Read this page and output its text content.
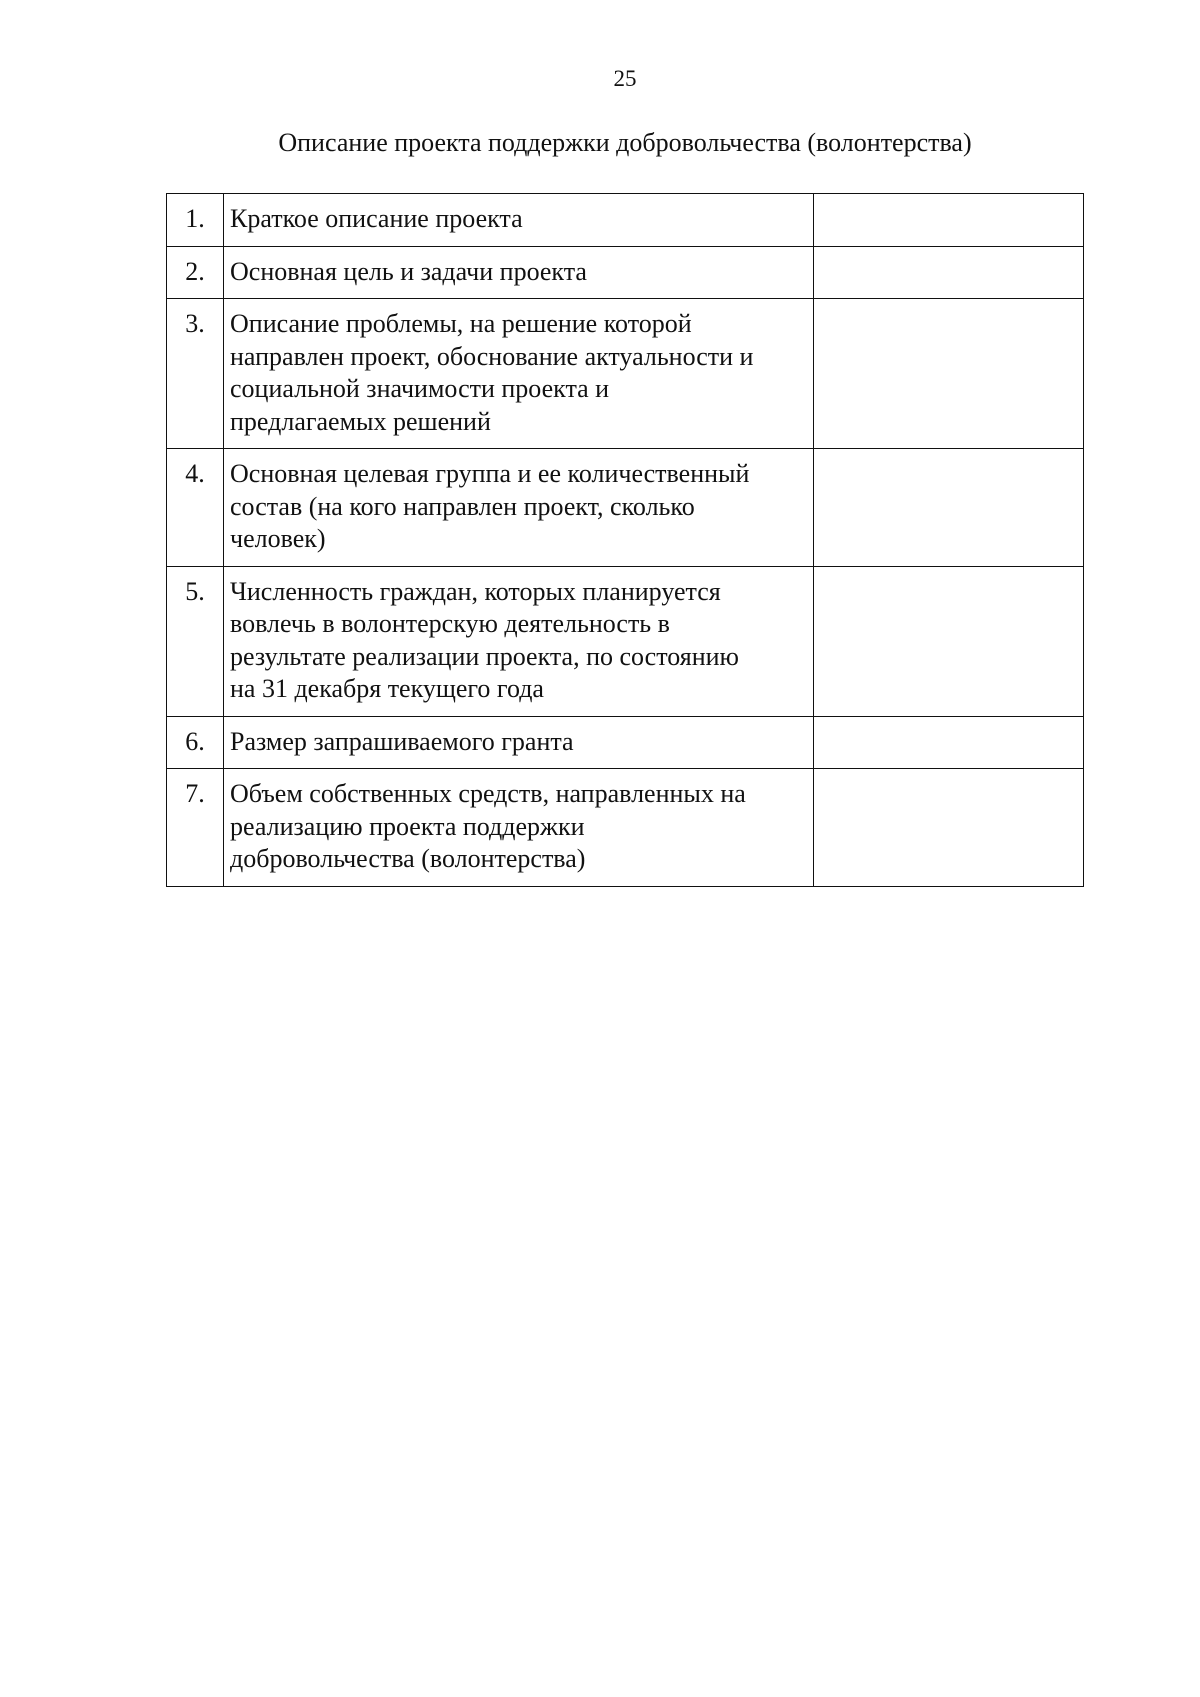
25
Описание проекта поддержки добровольчества (волонтерства)
1.	Краткое описание проекта	
2.	Основная цель и задачи проекта	
3.	Описание проблемы, на решение которой
направлен проект, обоснование актуальности и
социальной значимости проекта и
предлагаемых решений	
4.	Основная целевая группа и ее количественный
состав (на кого направлен проект, сколько
человек)	
5.	Численность граждан, которых планируется
вовлечь в волонтерскую деятельность в
результате реализации проекта, по состоянию
на 31 декабря текущего года	
6.	Размер запрашиваемого гранта	
7.	Объем собственных средств, направленных на
реализацию проекта поддержки
добровольчества (волонтерства)	
